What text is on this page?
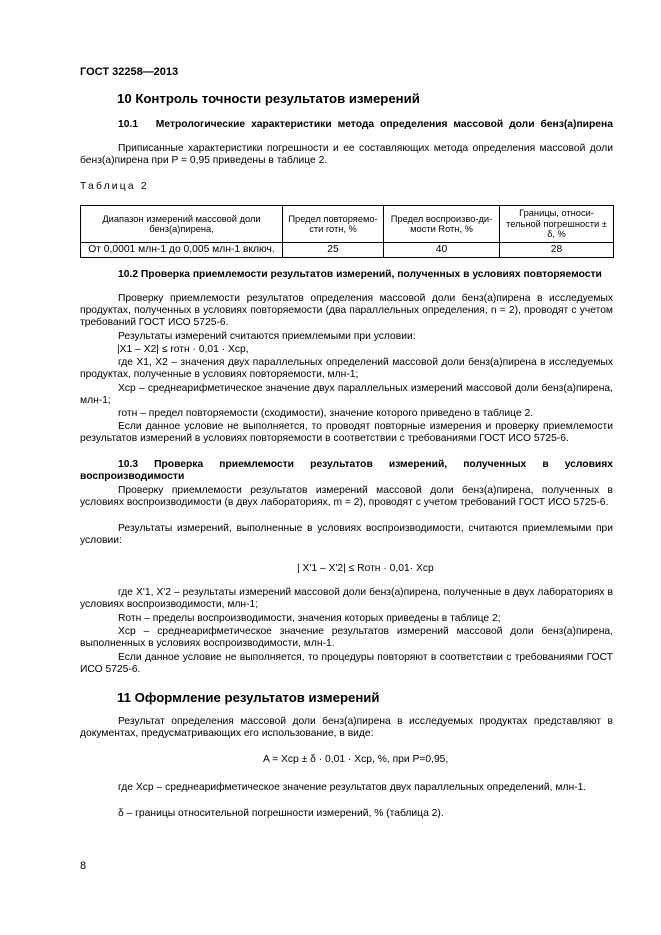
ГОСТ 32258—2013
10 Контроль точности результатов измерений

10.1 Метрологические характеристики метода определения массовой доли бенз(а)пирена

Приписанные характеристики погрешности и ее составляющих метода определения массовой доли бенз(а)пирена при P = 0,95 приведены в таблице 2.

Таблица 2
Диапазон измерений массовой доли бенз(а)пирена,	Предел повторяемо-сти rотн, %	Предел воспроизво-ди-мости Rотн, %	Границы, относи-тельной погрешности ± δ, %
От 0,0001 млн-1 до 0,005 млн-1 включ.	25	40	28

10.2 Проверка приемлемости результатов измерений, полученных в условиях повторяемости

Проверку приемлемости результатов определения массовой доли бенз(а)пирена в исследуемых продуктах, полученных в условиях повторяемости (два параллельных определения, n = 2), проводят с учетом требований ГОСТ ИСО 5725-6.

Результаты измерений считаются приемлемыми при условии:

|X1 – X2| ≤ rотн · 0,01 · Xср,

где X1, X2 – значения двух параллельных определений массовой доли бенз(а)пирена в исследуемых продуктах, полученные в условиях повторяемости, млн-1;

Xср – среднеарифметическое значение двух параллельных измерений массовой доли бенз(а)пирена, млн-1;

rотн – предел повторяемости (сходимости), значение которого приведено в таблице 2.

Если данное условие не выполняется, то проводят повторные измерения и проверку приемлемости результатов измерений в условиях повторяемости в соответствии с требованиями ГОСТ ИСО 5725-6.

10.3 Проверка приемлемости результатов измерений, полученных в условиях воспроизводимости

Проверку приемлемости результатов измерений массовой доли бенз(а)пирена, полученных в условиях воспроизводимости (в двух лабораториях, m = 2), проводят с учетом требований ГОСТ ИСО 5725-6.

Результаты измерений, выполненные в условиях воспроизводимости, считаются приемлемыми при условии:

| X'1 – X'2| ≤ Rотн · 0,01· Xср

где X'1, X'2 – результаты измерений массовой доли бенз(а)пирена, полученные в двух лабораториях в условиях воспроизводимости, млн-1;

Rотн – пределы воспроизводимости, значения которых приведены в таблице 2;

Xср – среднеарифметическое значение результатов измерений массовой доли бенз(а)пирена, выполненных в условиях воспроизводимости, млн-1.

Если данное условие не выполняется, то процедуры повторяют в соответствии с требованиями ГОСТ ИСО 5725-6.

11 Оформление результатов измерений

Результат определения массовой доли бенз(а)пирена в исследуемых продуктах представляют в документах, предусматривающих его использование, в виде:

A = Xср ± δ · 0,01 · Xср, %, при P=0,95,

где Xср – среднеарифметическое значение результатов двух параллельных определений, млн-1.

δ – границы относительной погрешности измерений, % (таблица 2).

8
